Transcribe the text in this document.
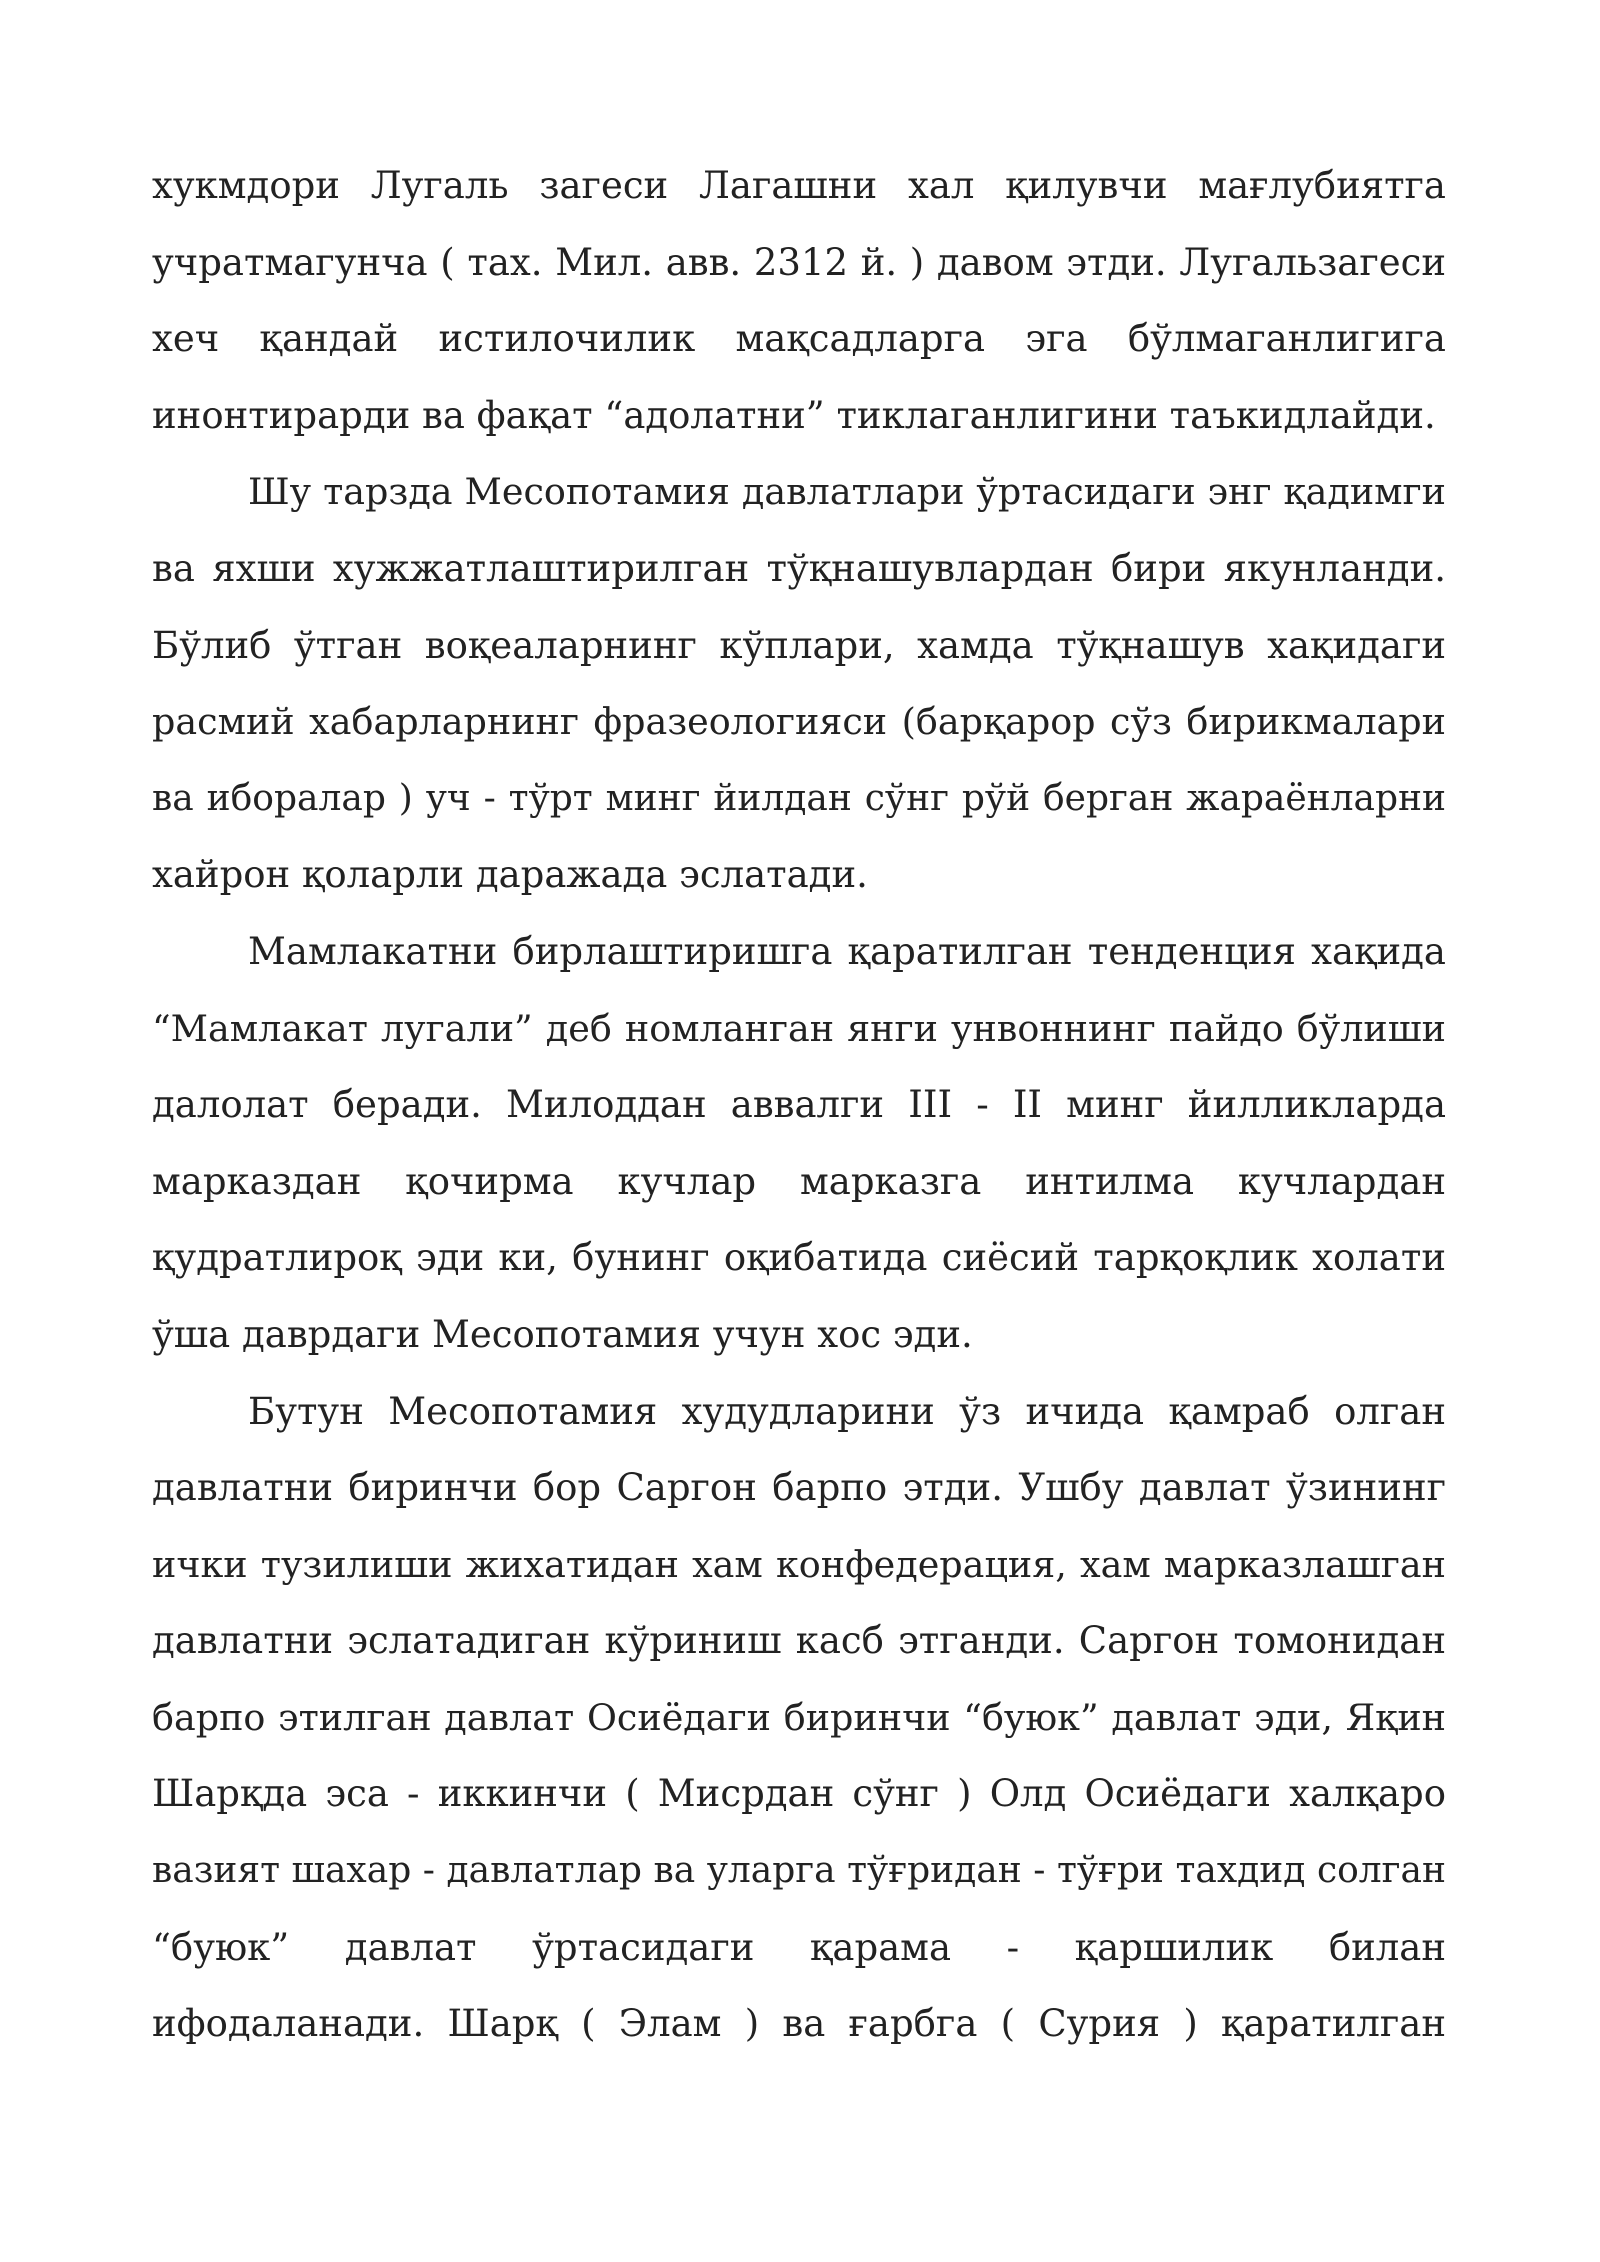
хукмдори Лугаль загеси Лагашни хал қилувчи мағлубиятга
учратмагунча ( тах. Мил. авв. 2312 й. ) давом этди. Лугальзагеси
хеч қандай истилочилик мақсадларга эга бўлмаганлигига
инонтирарди ва фақат “адолатни” тиклаганлигини таъкидлайди.
Шу тарзда Месопотамия давлатлари ўртасидаги энг қадимги
ва яхши хужжатлаштирилган тўқнашувлардан бири якунланди.
Бўлиб ўтган воқеаларнинг кўплари, хамда тўқнашув хақидаги
расмий хабарларнинг фразеологияси (барқарор сўз бирикмалари
ва иборалар ) уч - тўрт минг йилдан сўнг рўй берган жараёнларни
хайрон қоларли даражада эслатади.
Мамлакатни бирлаштиришга қаратилган тенденция хақида
“Мамлакат лугали” деб номланган янги унвоннинг пайдо бўлиши
далолат беради. Милоддан аввалги III - II минг йилликларда
марказдан қочирма кучлар марказга интилма кучлардан
қудратлироқ эди ки, бунинг оқибатида сиёсий тарқоқлик холати
ўша даврдаги Месопотамия учун хос эди.
Бутун Месопотамия худудларини ўз ичида қамраб олган
давлатни биринчи бор Саргон барпо этди. Ушбу давлат ўзининг
ички тузилиши жихатидан хам конфедерация, хам марказлашган
давлатни эслатадиган кўриниш касб этганди. Саргон томонидан
барпо этилган давлат Осиёдаги биринчи “буюк” давлат эди, Яқин
Шарқда эса - иккинчи ( Мисрдан сўнг ) Олд Осиёдаги халқаро
вазият шахар - давлатлар ва уларга тўғридан - тўғри тахдид солган
“буюк” давлат ўртасидаги қарама - қаршилик билан
ифодаланади. Шарқ ( Элам ) ва ғарбга ( Сурия ) қаратилган
